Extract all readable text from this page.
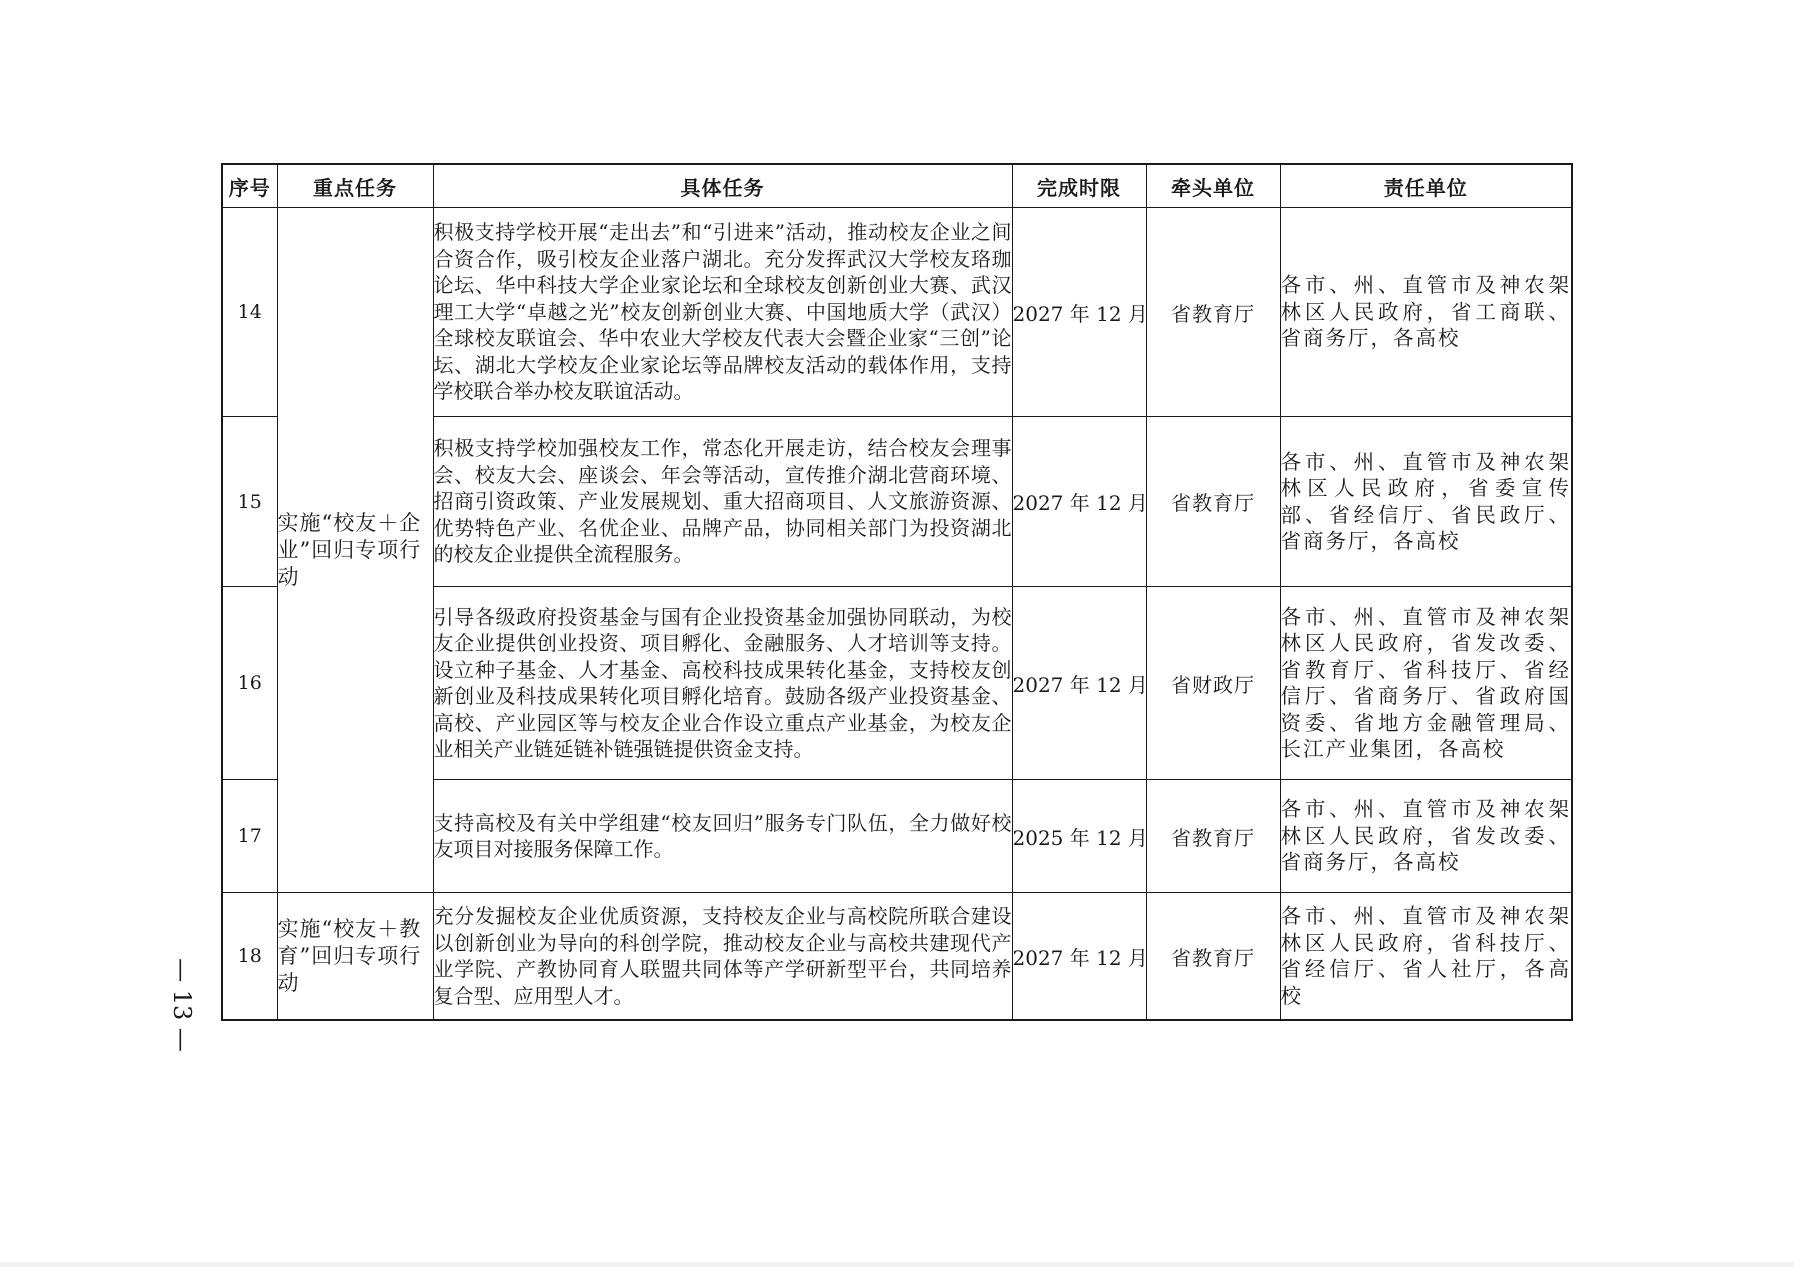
序号	重点任务	具体任务	完成时限	牵头单位	责任单位
14	实施“校友＋企业”回归专项行动	积极支持学校开展“走出去”和“引进来”活动，推动校友企业之间合资合作，吸引校友企业落户湖北。充分发挥武汉大学校友珞珈论坛、华中科技大学企业家论坛和全球校友创新创业大赛、武汉理工大学“卓越之光”校友创新创业大赛、中国地质大学（武汉）全球校友联谊会、华中农业大学校友代表大会暨企业家“三创”论坛、湖北大学校友企业家论坛等品牌校友活动的载体作用，支持学校联合举办校友联谊活动。	2027 年 12 月	省教育厅	各市、州、直管市及神农架林区人民政府，省工商联、省商务厅，各高校
15		积极支持学校加强校友工作，常态化开展走访，结合校友会理事会、校友大会、座谈会、年会等活动，宣传推介湖北营商环境、招商引资政策、产业发展规划、重大招商项目、人文旅游资源、优势特色产业、名优企业、品牌产品，协同相关部门为投资湖北的校友企业提供全流程服务。	2027 年 12 月	省教育厅	各市、州、直管市及神农架林区人民政府，省委宣传部、省经信厅、省民政厅、省商务厅，各高校
16		引导各级政府投资基金与国有企业投资基金加强协同联动，为校友企业提供创业投资、项目孵化、金融服务、人才培训等支持。设立种子基金、人才基金、高校科技成果转化基金，支持校友创新创业及科技成果转化项目孵化培育。鼓励各级产业投资基金、高校、产业园区等与校友企业合作设立重点产业基金，为校友企业相关产业链延链补链强链提供资金支持。	2027 年 12 月	省财政厅	各市、州、直管市及神农架林区人民政府，省发改委、省教育厅、省科技厅、省经信厅、省商务厅、省政府国资委、省地方金融管理局、长江产业集团，各高校
17		支持高校及有关中学组建“校友回归”服务专门队伍，全力做好校友项目对接服务保障工作。	2025 年 12 月	省教育厅	各市、州、直管市及神农架林区人民政府，省发改委、省商务厅，各高校
18	实施“校友＋教育”回归专项行动	充分发掘校友企业优质资源，支持校友企业与高校院所联合建设以创新创业为导向的科创学院，推动校友企业与高校共建现代产业学院、产教协同育人联盟共同体等产学研新型平台，共同培养复合型、应用型人才。	2027 年 12 月	省教育厅	各市、州、直管市及神农架林区人民政府，省科技厅、省经信厅、省人社厅，各高校
— 13 —
